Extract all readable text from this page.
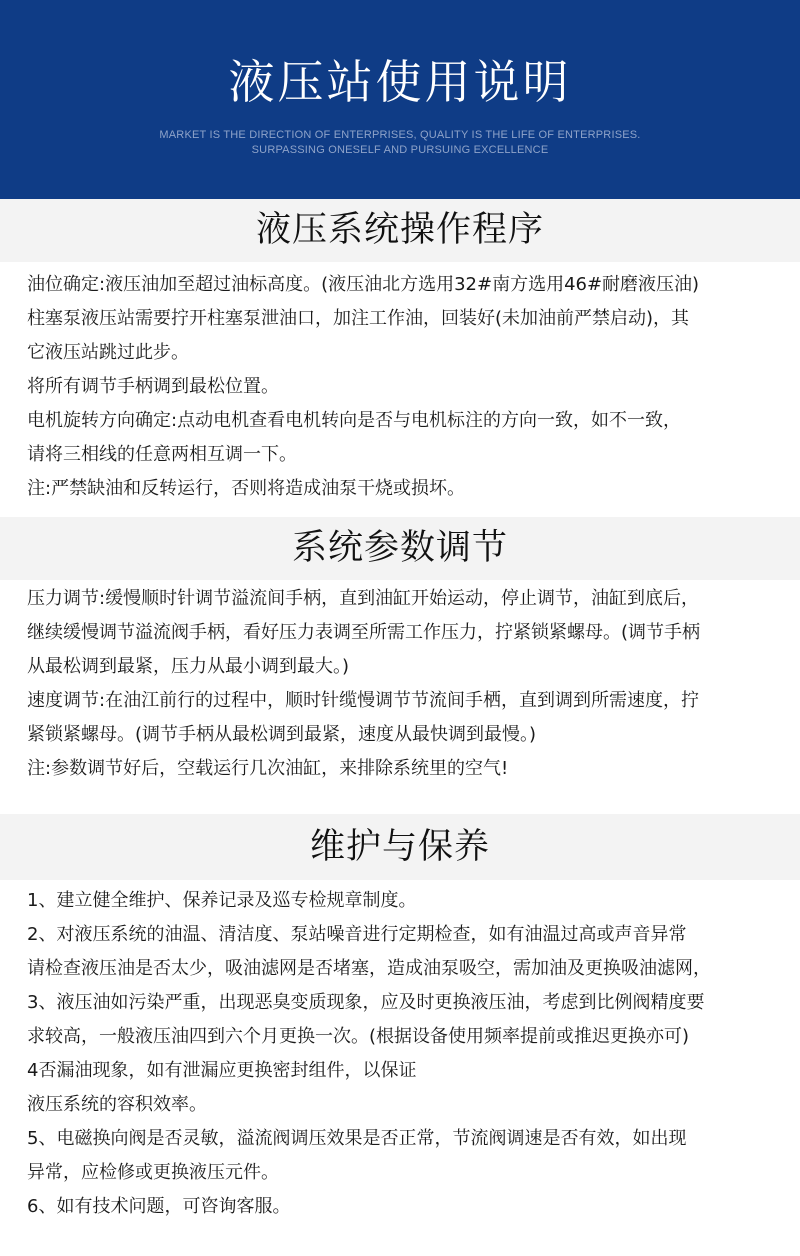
液压站使用说明
MARKET IS THE DIRECTION OF ENTERPRISES, QUALITY IS THE LIFE OF ENTERPRISES.
SURPASSING ONESELF AND PURSUING EXCELLENCE
液压系统操作程序
油位确定:液压油加至超过油标高度。(液压油北方选用32#南方选用46#耐磨液压油)
柱塞泵液压站需要拧开柱塞泵泄油口，加注工作油，回装好(未加油前严禁启动)，其
它液压站跳过此步。
将所有调节手柄调到最松位置。
电机旋转方向确定:点动电机查看电机转向是否与电机标注的方向一致，如不一致，
请将三相线的任意两相互调一下。
注:严禁缺油和反转运行，否则将造成油泵干烧或损坏。
系统参数调节
压力调节:缓慢顺时针调节溢流间手柄，直到油缸开始运动，停止调节，油缸到底后，
继续缓慢调节溢流阀手柄，看好压力表调至所需工作压力，拧紧锁紧螺母。(调节手柄
从最松调到最紧，压力从最小调到最大。)
速度调节:在油江前行的过程中，顺时针缆慢调节节流间手栖，直到调到所需速度，拧
紧锁紧螺母。(调节手柄从最松调到最紧，速度从最快调到最慢。)
注:参数调节好后，空载运行几次油缸，来排除系统里的空气!
维护与保养
1、建立健全维护、保养记录及巡专检规章制度。
2、对液压系统的油温、清洁度、泵站噪音进行定期检查，如有油温过高或声音异常
请检查液压油是否太少，吸油滤网是否堵塞，造成油泵吸空，需加油及更换吸油滤网，
3、液压油如污染严重，出现恶臭变质现象，应及时更换液压油，考虑到比例阀精度要
求较高，一般液压油四到六个月更换一次。(根据设备使用频率提前或推迟更换亦可)
4否漏油现象，如有泄漏应更换密封组件，以保证
液压系统的容积效率。
5、电磁换向阀是否灵敏，溢流阀调压效果是否正常，节流阀调速是否有效，如出现
异常，应检修或更换液压元件。
6、如有技术问题，可咨询客服。
